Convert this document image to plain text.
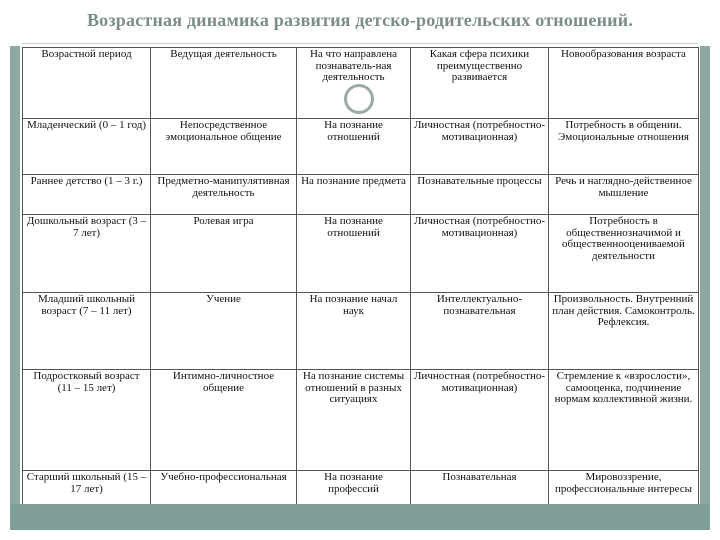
Возрастная динамика развития детско-родительских отношений.
Возрастной период	Ведущая деятельность	На что направлена познаватель-ная деятельность	Какая сфера психики преимущественно развивается	Новообразования возраста
Младенческий (0 – 1 год)	Непосредственное эмоциональное общение	На познание отношений	Личностная (потребностно-мотивационная)	Потребность в общении. Эмоциональные отношения
Раннее детство (1 – 3 г.)	Предметно-манипулятивная деятельность	На познание предмета	Познавательные процессы	Речь и наглядно-действенное мышление
Дошкольный возраст (3 – 7 лет)	Ролевая игра	На познание отношений	Личностная (потребностно-мотивационная)	Потребность в общественнозначимой и общественнооцениваемой деятельности
Младший школьный возраст (7 – 11 лет)	Учение	На познание начал наук	Интеллектуально-познавательная	Произвольность. Внутренний план действия. Самоконтроль. Рефлексия.
Подростковый возраст (11 – 15 лет)	Интимно-личностное общение	На познание системы отношений в разных ситуациях	Личностная (потребностно-мотивационная)	Стремление к «взрослости», самооценка, подчинение нормам коллективной жизни.
Старший школьный (15 – 17 лет)	Учебно-профессиональная	На познание профессий	Познавательная	Мировоззрение, профессиональные интересы
